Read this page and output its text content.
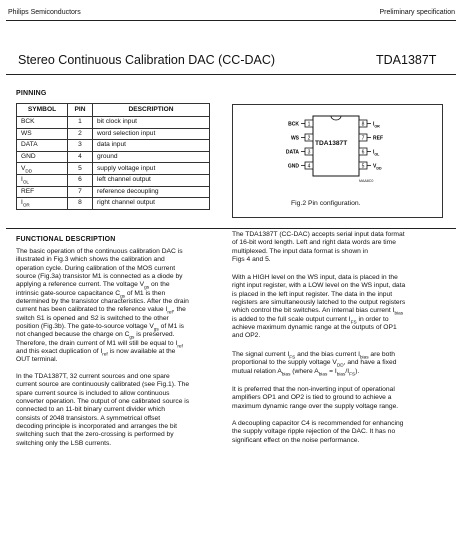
Philips Semiconductors	Preliminary specification
Stereo Continuous Calibration DAC (CC-DAC)	TDA1387T
PINNING
SYMBOL	PIN	DESCRIPTION
BCK	1	bit clock input
WS	2	word selection input
DATA	3	data input
GND	4	ground
$V_{DD}$	5	supply voltage input
$I_{OL}$	6	left channel output
REF	7	reference decoupling
$I_{OR}$	8	right channel output
1
BCK
2
WS
3
DATA
4
GND
8 $I_{OR}$
7 REF
6 $I_{OL}$
5 $V_{DD}$
TDA1387T
MAA8C0
Fig.2 Pin configuration.
FUNCTIONAL DESCRIPTION

The basic operation of the continuous calibration DAC is
illustrated in Fig.3 which shows the calibration and
operation cycle. During calibration of the MOS current
source (Fig.3a) transistor M1 is connected as a diode by
applying a reference current. The voltage $V_{gs}$ on the
intrinsic gate-source capacitance $C_{gs}$ of M1 is then
determined by the transistor characteristics. After the drain
current has been calibrated to the reference value $I_{ref}$, the
switch S1 is opened and S2 is switched to the other
position (Fig.3b). The gate-to-source voltage $V_{gs}$ of M1 is
not changed because the charge on $C_{gs}$ is preserved.
Therefore, the drain current of M1 will still be equal to $I_{ref}$
and this exact duplication of $I_{ref}$ is now available at the
OUT terminal.

In the TDA1387T, 32 current sources and one spare
current source are continuously calibrated (see Fig.1). The
spare current source is included to allow continuous
converter operation. The output of one calibrated source is
connected to an 11-bit binary current divider which
consists of 2048 transistors. A symmetrical offset
decoding principle is incorporated and arranges the bit
switching such that the zero-crossing is performed by
switching only the LSB currents.

The TDA1387T (CC-DAC) accepts serial input data format
of 16-bit word length. Left and right data words are time
multiplexed. The input data format is shown in
Figs 4 and 5.

With a HIGH level on the WS input, data is placed in the
right input register, with a LOW level on the WS input, data
is placed in the left input register. The data in the input
registers are simultaneously latched to the output registers
which control the bit switches. An internal bias current $I_{bias}$
is added to the full scale output current $I_{FS}$ in order to
achieve maximum dynamic range at the outputs of OP1
and OP2.

The signal current $I_{FS}$ and the bias current $I_{bias}$ are both
proportional to the supply voltage $V_{DD}$, and have a fixed
mutual relation $A_{bias}$ (where $A_{bias} = I_{bias}/I_{FS}$).

It is preferred that the non-inverting input of operational
amplifiers OP1 and OP2 is tied to ground to achieve a
maximum dynamic range over the supply voltage range.

A decoupling capacitor C4 is recommended for enhancing
the supply voltage ripple rejection of the DAC. It has no
significant effect on the noise performance.
